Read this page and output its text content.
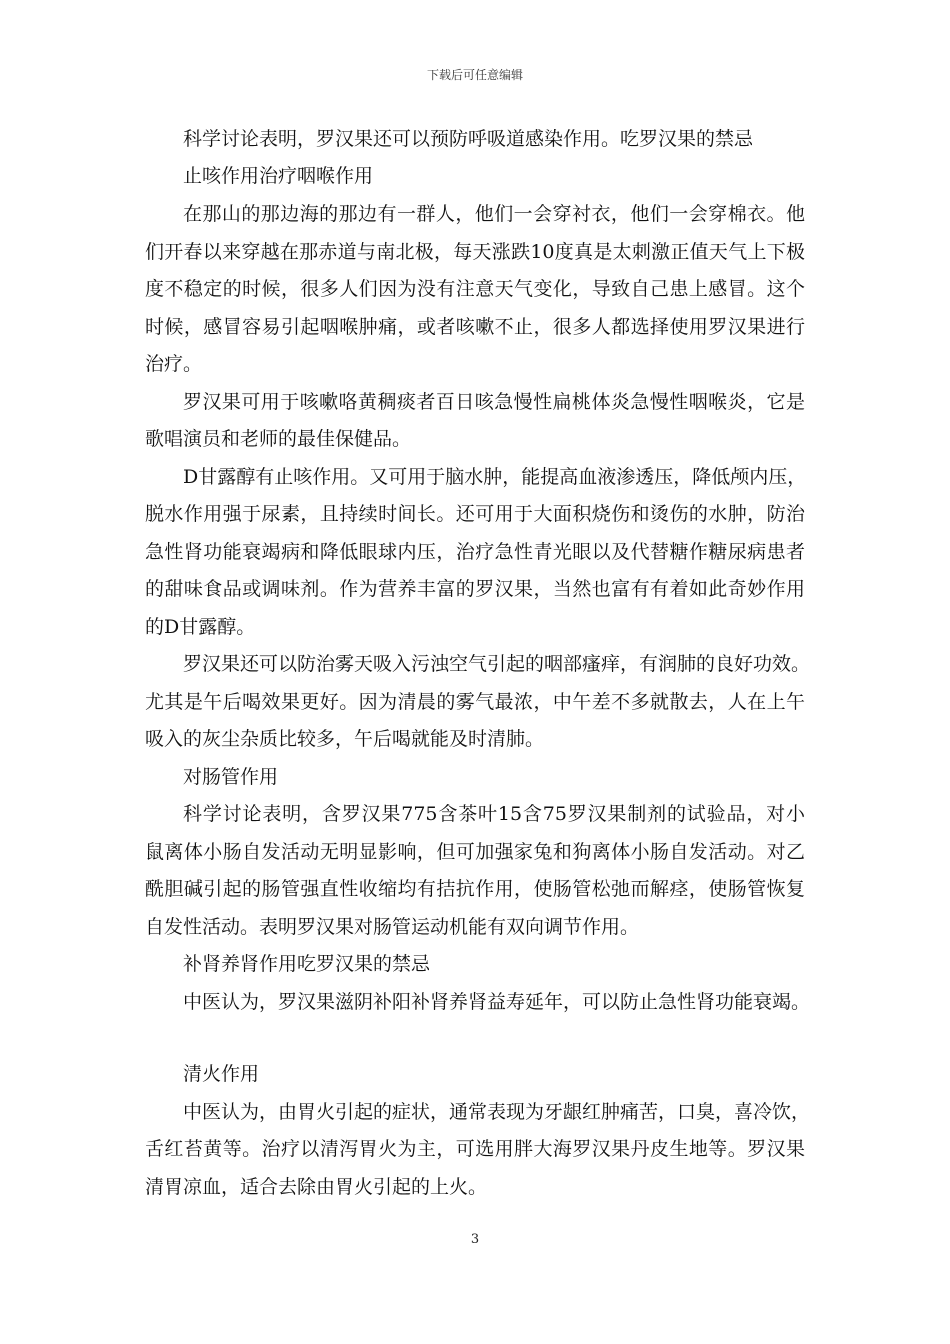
下载后可任意编辑
科学讨论表明，罗汉果还可以预防呼吸道感染作用。吃罗汉果的禁忌
止咳作用治疗咽喉作用
在那山的那边海的那边有一群人，他们一会穿衬衣，他们一会穿棉衣。他
们开春以来穿越在那赤道与南北极，每天涨跌10度真是太刺激正值天气上下极
度不稳定的时候，很多人们因为没有注意天气变化，导致自己患上感冒。这个
时候，感冒容易引起咽喉肿痛，或者咳嗽不止，很多人都选择使用罗汉果进行
治疗。
罗汉果可用于咳嗽咯黄稠痰者百日咳急慢性扁桃体炎急慢性咽喉炎，它是
歌唱演员和老师的最佳保健品。
D甘露醇有止咳作用。又可用于脑水肿，能提高血液渗透压，降低颅内压，
脱水作用强于尿素，且持续时间长。还可用于大面积烧伤和烫伤的水肿，防治
急性肾功能衰竭病和降低眼球内压，治疗急性青光眼以及代替糖作糖尿病患者
的甜味食品或调味剂。作为营养丰富的罗汉果，当然也富有有着如此奇妙作用
的D甘露醇。
罗汉果还可以防治雾天吸入污浊空气引起的咽部瘙痒，有润肺的良好功效。
尤其是午后喝效果更好。因为清晨的雾气最浓，中午差不多就散去，人在上午
吸入的灰尘杂质比较多，午后喝就能及时清肺。
对肠管作用
科学讨论表明，含罗汉果775含茶叶15含75罗汉果制剂的试验品，对小
鼠离体小肠自发活动无明显影响，但可加强家兔和狗离体小肠自发活动。对乙
酰胆碱引起的肠管强直性收缩均有拮抗作用，使肠管松弛而解痉，使肠管恢复
自发性活动。表明罗汉果对肠管运动机能有双向调节作用。
补肾养肾作用吃罗汉果的禁忌
中医认为，罗汉果滋阴补阳补肾养肾益寿延年，可以防止急性肾功能衰竭。
清火作用
中医认为，由胃火引起的症状，通常表现为牙龈红肿痛苦，口臭，喜冷饮，
舌红苔黄等。治疗以清泻胃火为主，可选用胖大海罗汉果丹皮生地等。罗汉果
清胃凉血，适合去除由胃火引起的上火。
3
